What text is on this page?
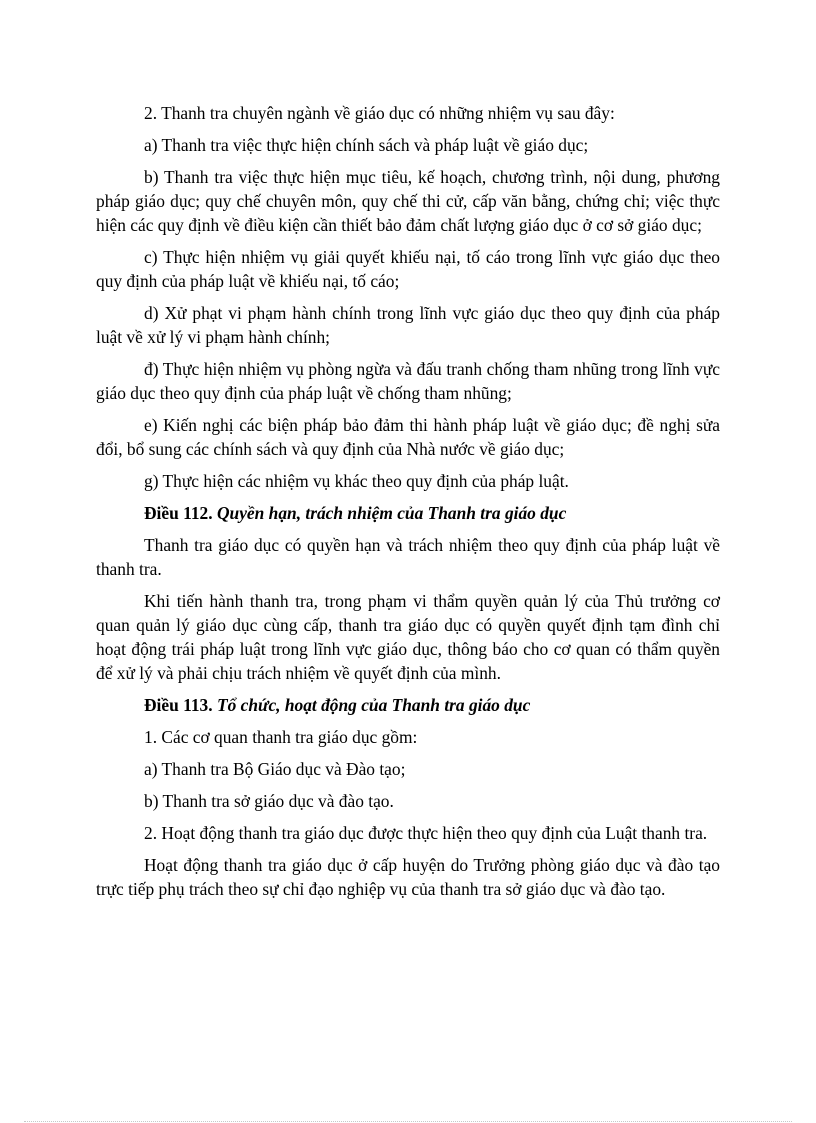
2. Thanh tra chuyên ngành về giáo dục có những nhiệm vụ sau đây:

a) Thanh tra việc thực hiện chính sách và pháp luật về giáo dục;

b) Thanh tra việc thực hiện mục tiêu, kế hoạch, chương trình, nội dung, phương pháp giáo dục; quy chế chuyên môn, quy chế thi cử, cấp văn bằng, chứng chỉ; việc thực hiện các quy định về điều kiện cần thiết bảo đảm chất lượng giáo dục ở cơ sở giáo dục;

c) Thực hiện nhiệm vụ giải quyết khiếu nại, tố cáo trong lĩnh vực giáo dục theo quy định của pháp luật về khiếu nại, tố cáo;

d) Xử phạt vi phạm hành chính trong lĩnh vực giáo dục theo quy định của pháp luật về xử lý vi phạm hành chính;

đ) Thực hiện nhiệm vụ phòng ngừa và đấu tranh chống tham nhũng trong lĩnh vực giáo dục theo quy định của pháp luật về chống tham nhũng;

e) Kiến nghị các biện pháp bảo đảm thi hành pháp luật về giáo dục; đề nghị sửa đổi, bổ sung các chính sách và quy định của Nhà nước về giáo dục;

g) Thực hiện các nhiệm vụ khác theo quy định của pháp luật.

Điều 112. Quyền hạn, trách nhiệm của Thanh tra giáo dục

Thanh tra giáo dục có quyền hạn và trách nhiệm theo quy định của pháp luật về thanh tra.

Khi tiến hành thanh tra, trong phạm vi thẩm quyền quản lý của Thủ trưởng cơ quan quản lý giáo dục cùng cấp, thanh tra giáo dục có quyền quyết định tạm đình chỉ hoạt động trái pháp luật trong lĩnh vực giáo dục, thông báo cho cơ quan có thẩm quyền để xử lý và phải chịu trách nhiệm về quyết định của mình.

Điều 113. Tổ chức, hoạt động của Thanh tra giáo dục

1. Các cơ quan thanh tra giáo dục gồm:

a) Thanh tra Bộ Giáo dục và Đào tạo;

b) Thanh tra sở giáo dục và đào tạo.

2. Hoạt động thanh tra giáo dục được thực hiện theo quy định của Luật thanh tra.

Hoạt động thanh tra giáo dục ở cấp huyện do Trưởng phòng giáo dục và đào tạo trực tiếp phụ trách theo sự chỉ đạo nghiệp vụ của thanh tra sở giáo dục và đào tạo.
